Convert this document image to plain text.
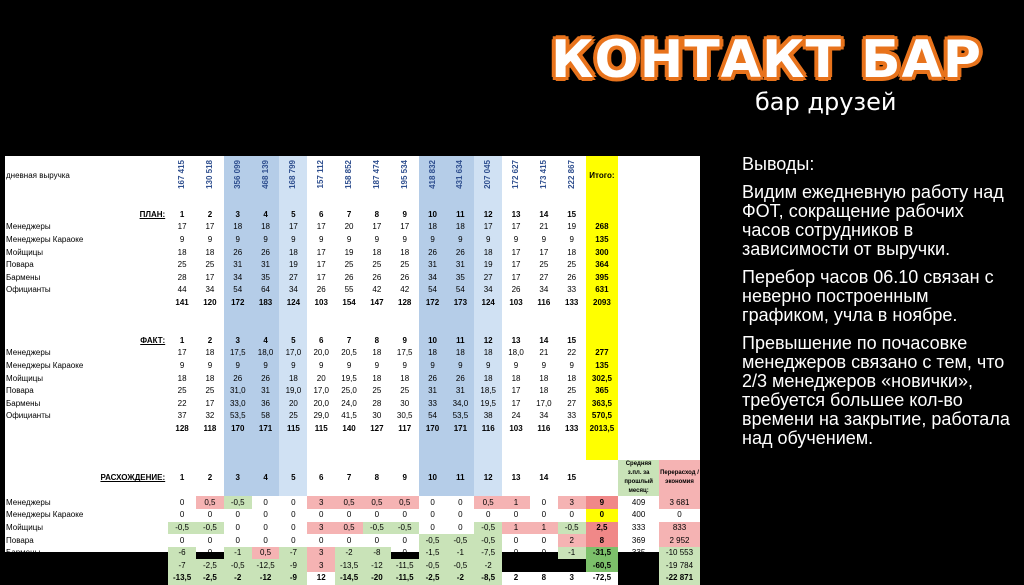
КОНТАКТ БАР
бар друзей
дневная выручка	167 415	130 518	356 099	468 139	168 799	157 112	158 852	187 474	195 534	418 832	431 634	207 045	172 627	173 415	222 867	Итого:		

ПЛАН:	1	2	3	4	5	6	7	8	9	10	11	12	13	14	15			
Менеджеры	17	17	18	18	17	17	20	17	17	18	18	17	17	21	19	268		
Менеджеры Караоке	9	9	9	9	9	9	9	9	9	9	9	9	9	9	9	135		
Мойщицы	18	18	26	26	18	17	19	18	18	26	26	18	17	17	18	300		
Повара	25	25	31	31	19	17	25	25	25	31	31	19	17	25	25	364		
Бармены	28	17	34	35	27	17	26	26	26	34	35	27	17	27	26	395		
Официанты	44	34	54	64	34	26	55	42	42	54	54	34	26	34	33	631		
	141	120	172	183	124	103	154	147	128	172	173	124	103	116	133	2093		

ФАКТ:	1	2	3	4	5	6	7	8	9	10	11	12	13	14	15			
Менеджеры	17	18	17,5	18,0	17,0	20,0	20,5	18	17,5	18	18	18	18,0	21	22	277		
Менеджеры Караоке	9	9	9	9	9	9	9	9	9	9	9	9	9	9	9	135		
Мойщицы	18	18	26	26	18	20	19,5	18	18	26	26	18	18	18	18	302,5		
Повара	25	25	31,0	31	19,0	17,0	25,0	25	25	31	31	18,5	17	18	25	365		
Бармены	22	17	33,0	36	20	20,0	24,0	28	30	33	34,0	19,5	17	17,0	27	363,5		
Официанты	37	32	53,5	58	25	29,0	41,5	30	30,5	54	53,5	38	24	34	33	570,5		
	128	118	170	171	115	115	140	127	117	170	171	116	103	116	133	2013,5		

РАСХОЖДЕНИЕ:	1	2	3	4	5	6	7	8	9	10	11	12	13	14	15		Средняя з.пл. за прошлый месяц:	Перерасход / экономия
Менеджеры	0	0,5	-0,5	0	0	3	0,5	0,5	0,5	0	0	0,5	1	0	3	9	409	3 681
Менеджеры Караоке	0	0	0	0	0	0	0	0	0	0	0	0	0	0	0	0	400	0
Мойщицы	-0,5	-0,5	0	0	0	3	0,5	-0,5	-0,5	0	0	-0,5	1	1	-0,5	2,5	333	833
Повара	0	0	0	0	0	0	0	0	0	-0,5	-0,5	-0,5	0	0	2	8	369	2 952
Бармены	-6	0	-1	0,5	-7	3	-2	-8	0	-1,5	-1	-7,5	0	0	-1	-31,5	335	-10 553
Официанты	-7	-2,5	-0,5	-12,5	-9	3	-13,5	-12	-11,5	-0,5	-0,5	-2	0	0	0	-60,5	327	-19 784
	-13,5	-2,5	-2	-12	-9	12	-14,5	-20	-11,5	-2,5	-2	-8,5	2	8	3	-72,5		-22 871

Выводы:

Видим ежедневную работу над ФОТ, сокращение рабочих часов сотрудников в зависимости от выручки.

Перебор часов 06.10 связан с неверно построенным графиком, учла в ноябре.

Превышение по почасовке менеджеров связано с тем, что 2/3 менеджеров «новички», требуется большее кол-во времени на закрытие, работала над обучением.
